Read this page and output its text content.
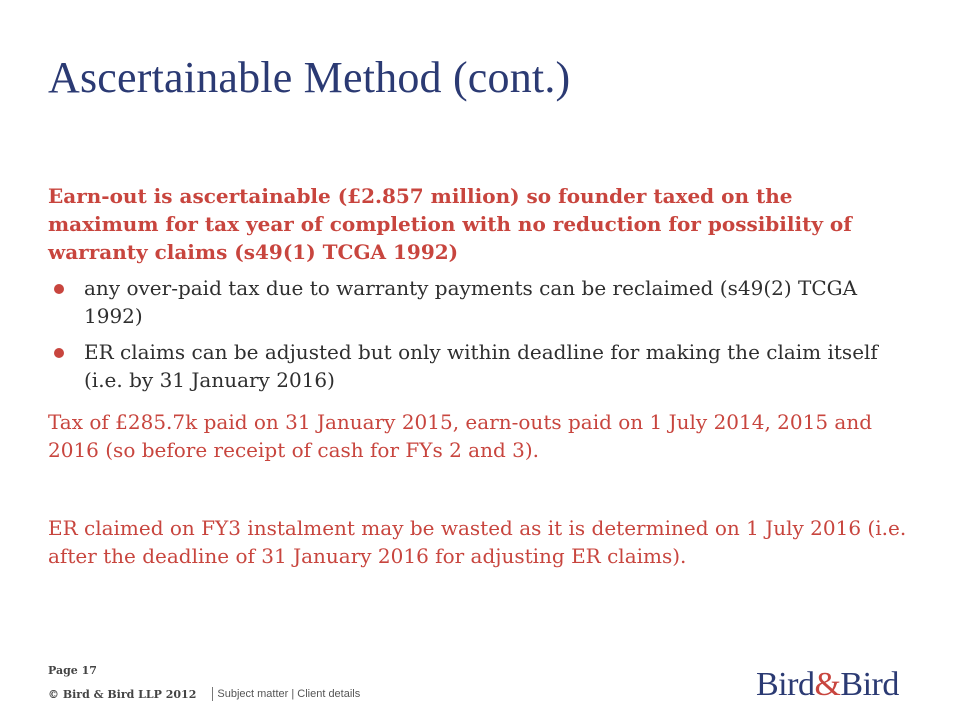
Ascertainable Method (cont.)

Earn-out is ascertainable (£2.857 million) so founder taxed on the maximum for tax year of completion with no reduction for possibility of warranty claims (s49(1) TCGA 1992)

any over-paid tax due to warranty payments can be reclaimed (s49(2) TCGA 1992)
ER claims can be adjusted but only within deadline for making the claim itself (i.e. by 31 January 2016)

Tax of £285.7k paid on 31 January 2015, earn-outs paid on 1 July 2014, 2015 and 2016 (so before receipt of cash for FYs 2 and 3).

ER claimed on FY3 instalment may be wasted as it is determined on 1 July 2016 (i.e. after the deadline of 31 January 2016 for adjusting ER claims).

Page 17
© Bird & Bird LLP 2012 Subject matter | Client details	Bird&Bird
